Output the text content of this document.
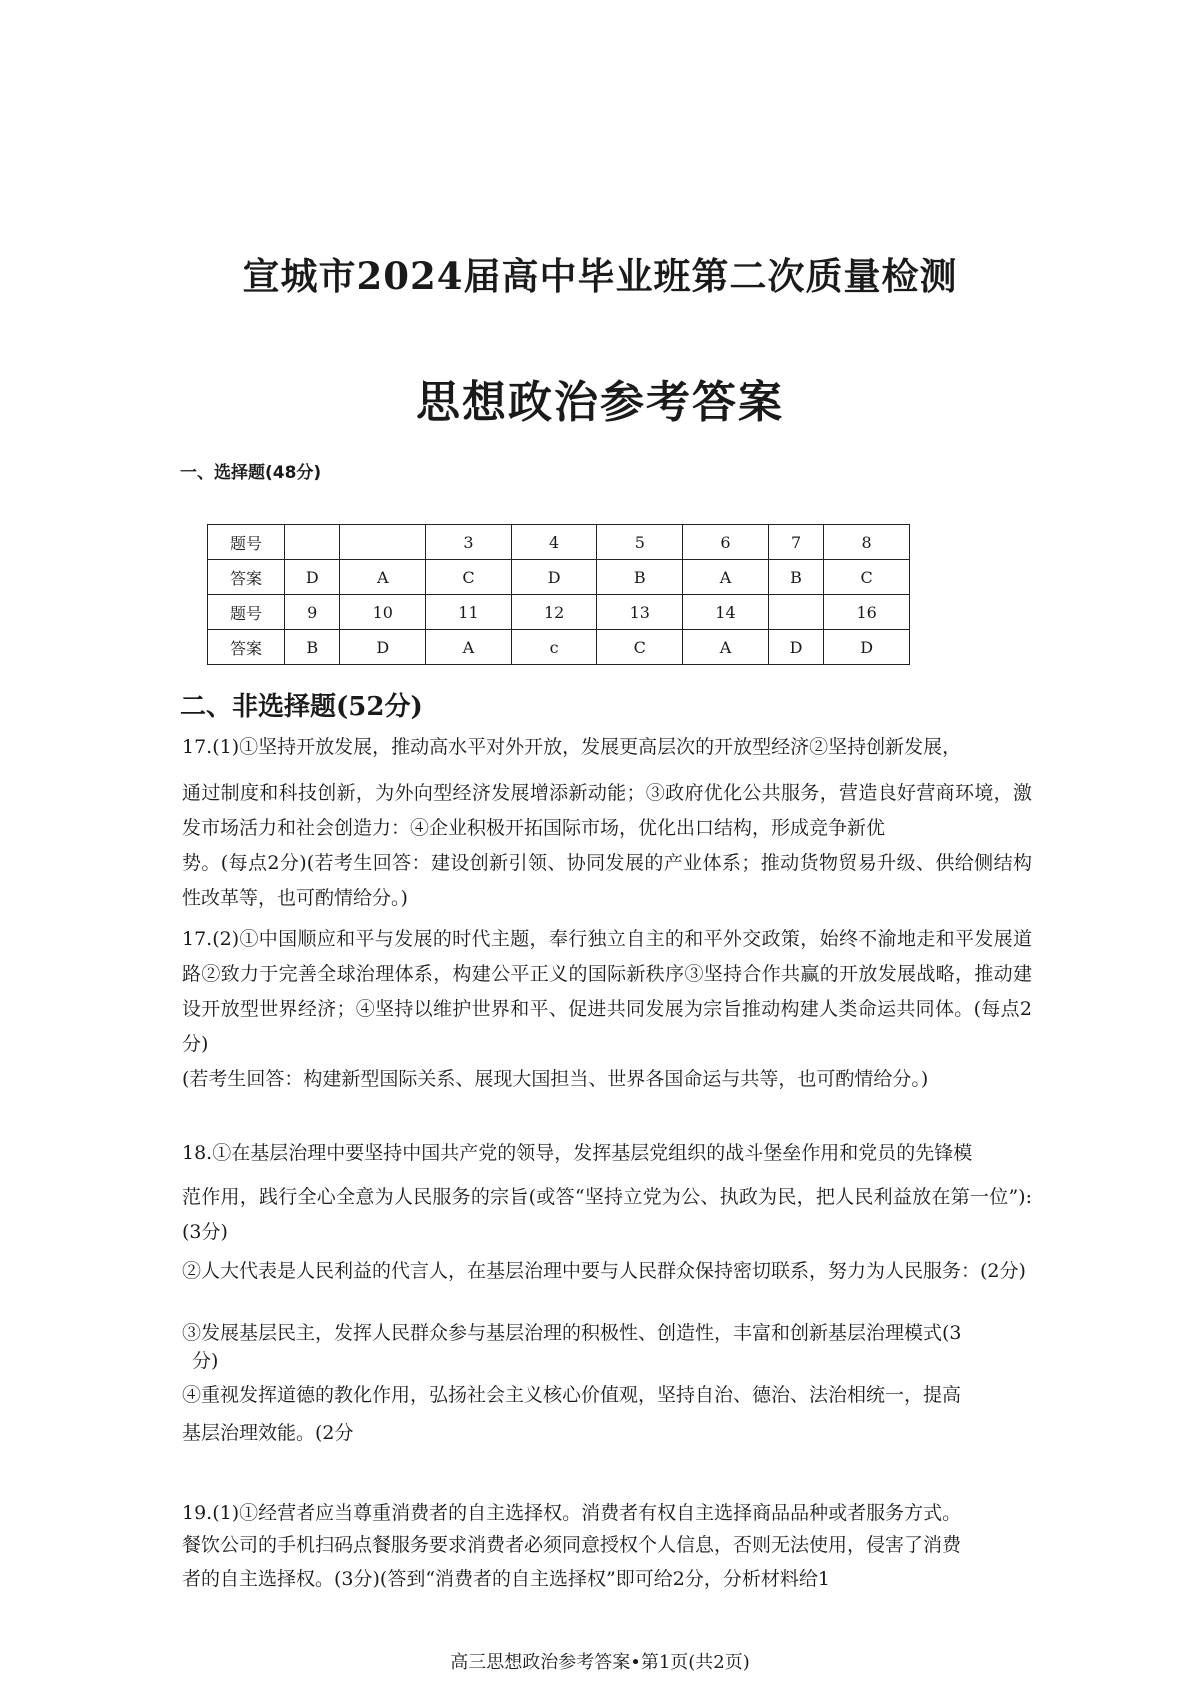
宣城市2024届高中毕业班第二次质量检测
思想政治参考答案
一、选择题(48分)
题号			3	4	5	6	7	8
答案	D	A	C	D	B	A	B	C
题号	9	10	11	12	13	14		16
答案	B	D	A	c	C	A	D	D
二、非选择题(52分)
17.(1)①坚持开放发展，推动高水平对外开放，发展更高层次的开放型经济②坚持创新发展，
通过制度和科技创新，为外向型经济发展增添新动能；③政府优化公共服务，营造良好营商环境，激发市场活力和社会创造力：④企业积极开拓国际市场，优化出口结构，形成竞争新优
势。(每点2分)(若考生回答：建设创新引领、协同发展的产业体系；推动货物贸易升级、供给侧结构性改革等，也可酌情给分。)
17.(2)①中国顺应和平与发展的时代主题，奉行独立自主的和平外交政策，始终不渝地走和平发展道路②致力于完善全球治理体系，构建公平正义的国际新秩序③坚持合作共赢的开放发展战略，推动建设开放型世界经济；④坚持以维护世界和平、促进共同发展为宗旨推动构建人类命运共同体。(每点2分)
(若考生回答：构建新型国际关系、展现大国担当、世界各国命运与共等，也可酌情给分。)
18.①在基层治理中要坚持中国共产党的领导，发挥基层党组织的战斗堡垒作用和党员的先锋模
范作用，践行全心全意为人民服务的宗旨(或答“坚持立党为公、执政为民，把人民利益放在第一位”):(3分)
②人大代表是人民利益的代言人，在基层治理中要与人民群众保持密切联系，努力为人民服务：(2分)
③发展基层民主，发挥人民群众参与基层治理的积极性、创造性，丰富和创新基层治理模式(3
分)
④重视发挥道德的教化作用，弘扬社会主义核心价值观，坚持自治、德治、法治相统一，提高
基层治理效能。(2分
19.(1)①经营者应当尊重消费者的自主选择权。消费者有权自主选择商品品种或者服务方式。
餐饮公司的手机扫码点餐服务要求消费者必须同意授权个人信息，否则无法使用，侵害了消费
者的自主选择权。(3分)(答到“消费者的自主选择权”即可给2分，分析材料给1
高三思想政治参考答案•第1页(共2页)
